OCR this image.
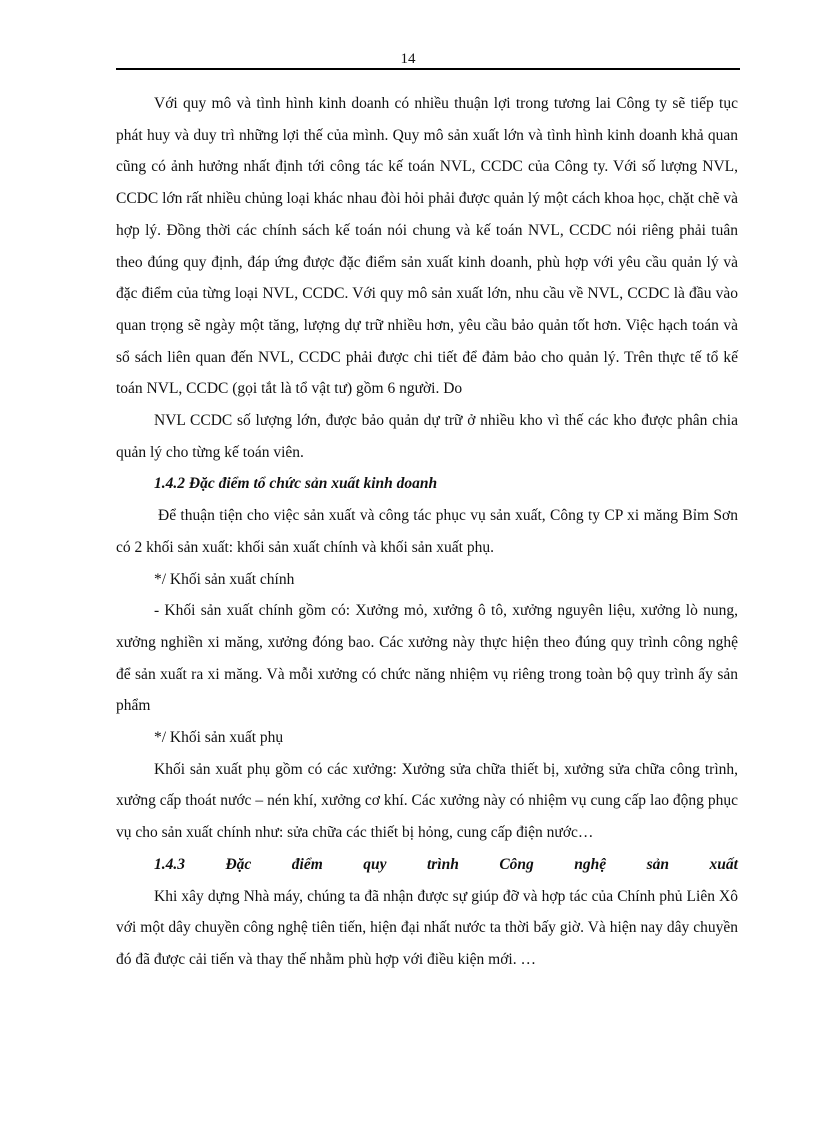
14

Với quy mô và tình hình kinh doanh có nhiều thuận lợi trong tương lai Công ty sẽ tiếp tục phát huy và duy trì những lợi thế của mình. Quy mô sản xuất lớn và tình hình kinh doanh khả quan cũng có ảnh hưởng nhất định tới công tác kế toán NVL, CCDC của Công ty. Với số lượng NVL, CCDC lớn rất nhiều chủng loại khác nhau đòi hỏi phải được quản lý một cách khoa học, chặt chẽ và hợp lý. Đồng thời các chính sách kế toán nói chung và kế toán NVL, CCDC nói riêng phải tuân theo đúng quy định, đáp ứng được đặc điểm sản xuất kinh doanh, phù hợp với yêu cầu quản lý và đặc điểm của từng loại NVL, CCDC. Với quy mô sản xuất lớn, nhu cầu về NVL, CCDC là đầu vào quan trọng sẽ ngày một tăng, lượng dự trữ nhiều hơn, yêu cầu bảo quản tốt hơn. Việc hạch toán và sổ sách liên quan đến NVL, CCDC phải được chi tiết để đảm bảo cho quản lý. Trên thực tế tổ kế toán NVL, CCDC (gọi tắt là tổ vật tư) gồm 6 người. Do

NVL CCDC số lượng lớn, được bảo quản dự trữ ở nhiều kho vì thế các kho được phân chia quản lý cho từng kế toán viên.

1.4.2 Đặc điểm tổ chức sản xuất kinh doanh

Để thuận tiện cho việc sản xuất và công tác phục vụ sản xuất, Công ty CP xi măng Bỉm Sơn có 2 khối sản xuất: khối sản xuất chính và khối sản xuất phụ.

*/ Khối sản xuất chính

- Khối sản xuất chính gồm có: Xưởng mỏ, xưởng ô tô, xưởng nguyên liệu, xưởng lò nung, xưởng nghiền xi măng, xưởng đóng bao. Các xưởng này thực hiện theo đúng quy trình công nghệ để sản xuất ra xi măng. Và mỗi xưởng có chức năng nhiệm vụ riêng trong toàn bộ quy trình ấy sản phẩm

*/ Khối sản xuất phụ

Khối sản xuất phụ gồm có các xưởng: Xưởng sửa chữa thiết bị, xưởng sửa chữa công trình, xưởng cấp thoát nước – nén khí, xưởng cơ khí. Các xưởng này có nhiệm vụ cung cấp lao động phục vụ cho sản xuất chính như: sửa chữa các thiết bị hỏng, cung cấp điện nước…

1.4.3	Đặc	điểm	quy	trình	Công	nghệ	sản	xuất

Khi xây dựng Nhà máy, chúng ta đã nhận được sự giúp đỡ và hợp tác của Chính phủ Liên Xô với một dây chuyền công nghệ tiên tiến, hiện đại nhất nước ta thời bấy giờ. Và hiện nay dây chuyền đó đã được cải tiến và thay thế nhằm phù hợp với điều kiện mới. …
